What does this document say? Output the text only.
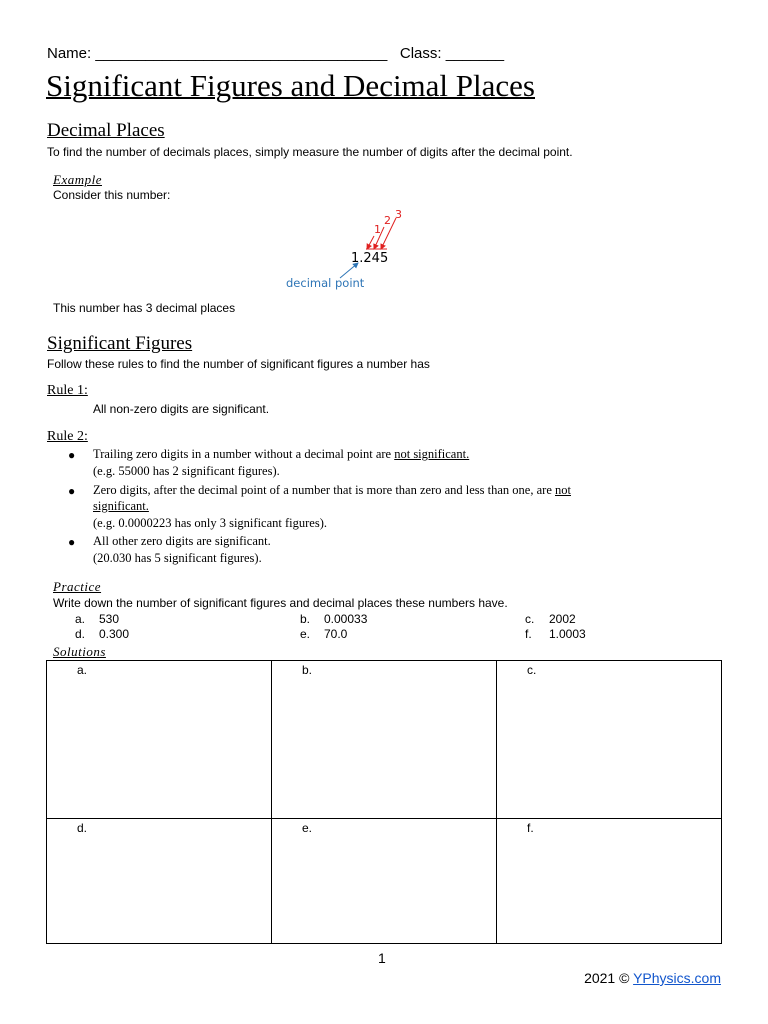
Name: ___________________________________ Class: _______
Significant Figures and Decimal Places
Decimal Places
To find the number of decimals places, simply measure the number of digits after the decimal point.
Example
Consider this number:
1.245
1
2 3
decimal point
This number has 3 decimal places
Significant Figures
Follow these rules to find the number of significant figures a number has
Rule 1:
All non-zero digits are significant.
Rule 2:
● Trailing zero digits in a number without a decimal point are not significant.
(e.g. 55000 has 2 significant figures).
● Zero digits, after the decimal point of a number that is more than zero and less than one, are not
significant.
(e.g. 0.0000223 has only 3 significant figures).
● All other zero digits are significant.
(20.030 has 5 significant figures).
Practice
Write down the number of significant figures and decimal places these numbers have.
a. 530	b. 0.00033	c. 2002
d. 0.300	e. 70.0	f. 1.0003
Solutions
a.	b.	c.

d.	e.	f.
1
2021 © YPhysics.com
